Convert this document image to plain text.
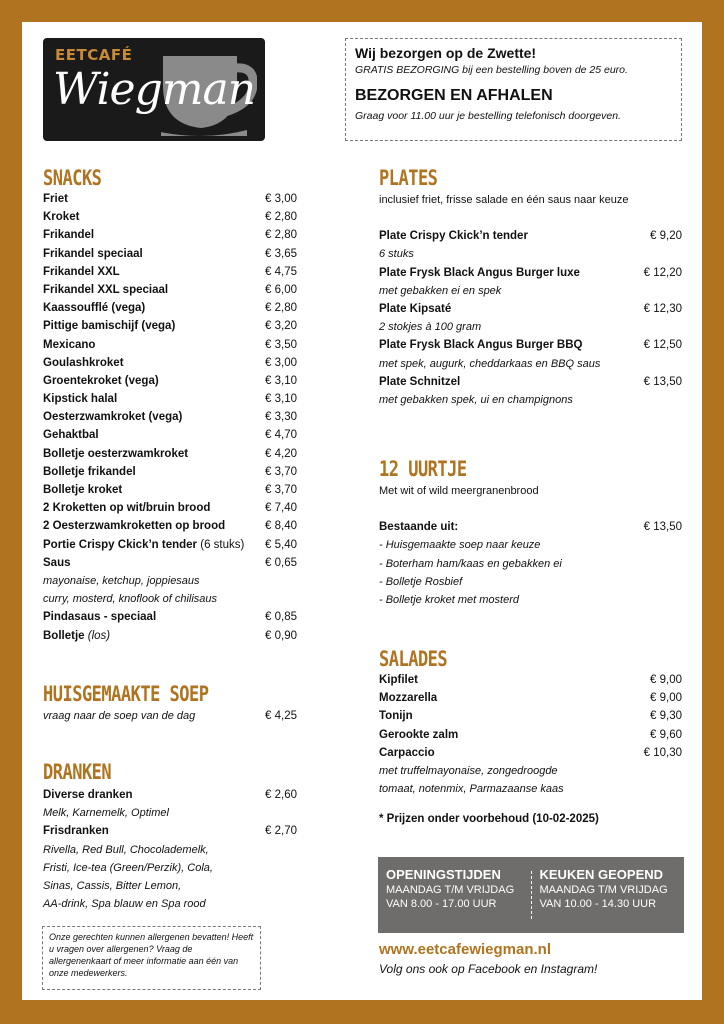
EETCAFÉ
Wiegman
Wij bezorgen op de Zwette!
GRATIS BEZORGING bij een bestelling boven de 25 euro.
BEZORGEN EN AFHALEN
Graag voor 11.00 uur je bestelling telefonisch doorgeven.
SNACKS
Friet	€ 3,00
Kroket	€ 2,80
Frikandel	€ 2,80
Frikandel speciaal	€ 3,65
Frikandel XXL	€ 4,75
Frikandel XXL speciaal	€ 6,00
Kaassoufflé (vega)	€ 2,80
Pittige bamischijf (vega)	€ 3,20
Mexicano	€ 3,50
Goulashkroket	€ 3,00
Groentekroket (vega)	€ 3,10
Kipstick halal	€ 3,10
Oesterzwamkroket (vega)	€ 3,30
Gehaktbal	€ 4,70
Bolletje oesterzwamkroket	€ 4,20
Bolletje frikandel	€ 3,70
Bolletje kroket	€ 3,70
2 Kroketten op wit/bruin brood	€ 7,40
2 Oesterzwamkroketten op brood	€ 8,40
Portie Crispy Ckick’n tender (6 stuks) € 5,40
Saus	€ 0,65
mayonaise, ketchup, joppiesaus
curry, mosterd, knoflook of chilisaus
Pindasaus - speciaal	€ 0,85
Bolletje (los)	€ 0,90
HUISGEMAAKTE SOEP
vraag naar de soep van de dag	€ 4,25
DRANKEN
Diverse dranken	€ 2,60
Melk, Karnemelk, Optimel
Frisdranken	€ 2,70
Rivella, Red Bull, Chocolademelk,
Fristi, Ice-tea (Green/Perzik), Cola,
Sinas, Cassis, Bitter Lemon,
AA-drink, Spa blauw en Spa rood
Onze gerechten kunnen allergenen bevatten! Heeft u vragen over allergenen? Vraag de allergenenkaart of meer informatie aan één van onze medewerkers.
PLATES
inclusief friet, frisse salade en één saus naar keuze
Plate Crispy Ckick’n tender	€ 9,20
6 stuks
Plate Frysk Black Angus Burger luxe	€ 12,20
met gebakken ei en spek
Plate Kipsaté	€ 12,30
2 stokjes à 100 gram
Plate Frysk Black Angus Burger BBQ	€ 12,50
met spek, augurk, cheddarkaas en BBQ saus
Plate Schnitzel	€ 13,50
met gebakken spek, ui en champignons
12 UURTJE
Met wit of wild meergranenbrood
Bestaande uit:	€ 13,50
- Huisgemaakte soep naar keuze
- Boterham ham/kaas en gebakken ei
- Bolletje Rosbief
- Bolletje kroket met mosterd
SALADES
Kipfilet	€ 9,00
Mozzarella	€ 9,00
Tonijn	€ 9,30
Gerookte zalm	€ 9,60
Carpaccio	€ 10,30
met truffelmayonaise, zongedroogde
tomaat, notenmix, Parmazaanse kaas
* Prijzen onder voorbehoud (10-02-2025)
OPENINGSTIJDEN
MAANDAG T/M VRIJDAG
VAN 8.00 - 17.00 UUR
KEUKEN GEOPEND
MAANDAG T/M VRIJDAG
VAN 10.00 - 14.30 UUR
www.eetcafewiegman.nl
Volg ons ook op Facebook en Instagram!
